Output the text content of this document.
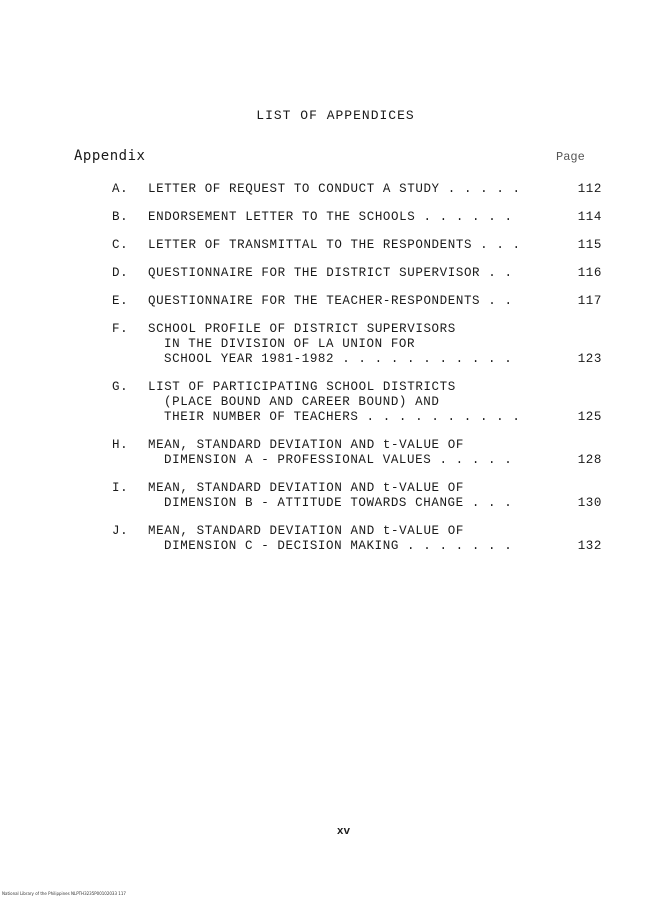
LIST OF APPENDICES
Appendix	Page
A.	LETTER OF REQUEST TO CONDUCT A STUDY . . . . .	112
B.	ENDORSEMENT LETTER TO THE SCHOOLS . . . . . .	114
C.	LETTER OF TRANSMITTAL TO THE RESPONDENTS . . .	115
D.	QUESTIONNAIRE FOR THE DISTRICT SUPERVISOR . .	116
E.	QUESTIONNAIRE FOR THE TEACHER-RESPONDENTS . .	117
F.	SCHOOL PROFILE OF DISTRICT SUPERVISORS
IN THE DIVISION OF LA UNION FOR
SCHOOL YEAR 1981-1982 . . . . . . . . . . .	123
G.	LIST OF PARTICIPATING SCHOOL DISTRICTS
(PLACE BOUND AND CAREER BOUND) AND
THEIR NUMBER OF TEACHERS . . . . . . . . . .	125
H.	MEAN, STANDARD DEVIATION AND t-VALUE OF
DIMENSION A - PROFESSIONAL VALUES . . . . .	128
I.	MEAN, STANDARD DEVIATION AND t-VALUE OF
DIMENSION B - ATTITUDE TOWARDS CHANGE . . .	130
J.	MEAN, STANDARD DEVIATION AND t-VALUE OF
DIMENSION C - DECISION MAKING . . . . . . .	132
xv
National Library of the Philippines NLPTH3235P00102033 117
